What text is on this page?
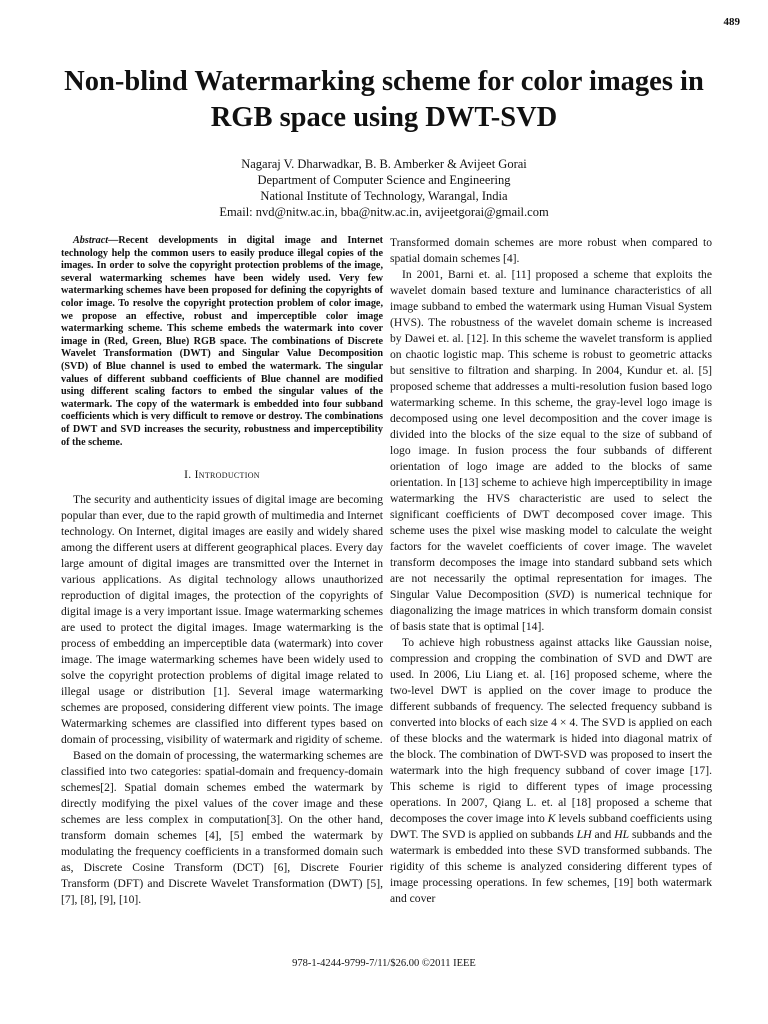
489
Non-blind Watermarking scheme for color images in RGB space using DWT-SVD
Nagaraj V. Dharwadkar, B. B. Amberker & Avijeet Gorai
Department of Computer Science and Engineering
National Institute of Technology, Warangal, India
Email: nvd@nitw.ac.in, bba@nitw.ac.in, avijeetgorai@gmail.com

Abstract—Recent developments in digital image and Internet technology help the common users to easily produce illegal copies of the images. In order to solve the copyright protection problems of the image, several watermarking schemes have been widely used. Very few watermarking schemes have been proposed for defining the copyrights of color image. To resolve the copyright protection problem of color image, we propose an effective, robust and imperceptible color image watermarking scheme. This scheme embeds the watermark into cover image in (Red, Green, Blue) RGB space. The combinations of Discrete Wavelet Transformation (DWT) and Singular Value Decomposition (SVD) of Blue channel is used to embed the watermark. The singular values of different subband coefficients of Blue channel are modified using different scaling factors to embed the singular values of the watermark. The copy of the watermark is embedded into four subband coefficients which is very difficult to remove or destroy. The combinations of DWT and SVD increases the security, robustness and imperceptibility of the scheme.

I. Introduction

The security and authenticity issues of digital image are becoming popular than ever, due to the rapid growth of multimedia and Internet technology. On Internet, digital images are easily and widely shared among the different users at different geographical places. Every day large amount of digital images are transmitted over the Internet in various applications. As digital technology allows unauthorized reproduction of digital images, the protection of the copyrights of digital image is a very important issue. Image watermarking schemes are used to protect the digital images. Image watermarking is the process of embedding an imperceptible data (watermark) into cover image. The image watermarking schemes have been widely used to solve the copyright protection problems of digital image related to illegal usage or distribution [1]. Several image watermarking schemes are proposed, considering different view points. The image Watermarking schemes are classified into different types based on domain of processing, visibility of watermark and rigidity of scheme.

Based on the domain of processing, the watermarking schemes are classified into two categories: spatial-domain and frequency-domain schemes[2]. Spatial domain schemes embed the watermark by directly modifying the pixel values of the cover image and these schemes are less complex in computation[3]. On the other hand, transform domain schemes [4], [5] embed the watermark by modulating the frequency coefficients in a transformed domain such as, Discrete Cosine Transform (DCT) [6], Discrete Fourier Transform (DFT) and Discrete Wavelet Transformation (DWT) [5], [7], [8], [9], [10].

Transformed domain schemes are more robust when compared to spatial domain schemes [4].

In 2001, Barni et. al. [11] proposed a scheme that exploits the wavelet domain based texture and luminance characteristics of all image subband to embed the watermark using Human Visual System (HVS). The robustness of the wavelet domain scheme is increased by Dawei et. al. [12]. In this scheme the wavelet transform is applied on chaotic logistic map. This scheme is robust to geometric attacks but sensitive to filtration and sharping. In 2004, Kundur et. al. [5] proposed scheme that addresses a multi-resolution fusion based logo watermarking scheme. In this scheme, the gray-level logo image is decomposed using one level decomposition and the cover image is divided into the blocks of the size equal to the size of subband of logo image. In fusion process the four subbands of different orientation of logo image are added to the blocks of same orientation. In [13] scheme to achieve high imperceptibility in image watermarking the HVS characteristic are used to select the significant coefficients of DWT decomposed cover image. This scheme uses the pixel wise masking model to calculate the weight factors for the wavelet coefficients of cover image. The wavelet transform decomposes the image into standard subband sets which are not necessarily the optimal representation for images. The Singular Value Decomposition (SVD) is numerical technique for diagonalizing the image matrices in which transform domain consist of basis state that is optimal [14].

To achieve high robustness against attacks like Gaussian noise, compression and cropping the combination of SVD and DWT are used. In 2006, Liu Liang et. al. [16] proposed scheme, where the two-level DWT is applied on the cover image to produce the different subbands of frequency. The selected frequency subband is converted into blocks of each size 4 × 4. The SVD is applied on each of these blocks and the watermark is hided into diagonal matrix of the block. The combination of DWT-SVD was proposed to insert the watermark into the high frequency subband of cover image [17]. This scheme is rigid to different types of image processing operations. In 2007, Qiang L. et. al [18] proposed a scheme that decomposes the cover image into K levels subband coefficients using DWT. The SVD is applied on subbands LH and HL subbands and the watermark is embedded into these SVD transformed subbands. The rigidity of this scheme is analyzed considering different types of image processing operations. In few schemes, [19] both watermark and cover

978-1-4244-9799-7/11/$26.00 ©2011 IEEE
